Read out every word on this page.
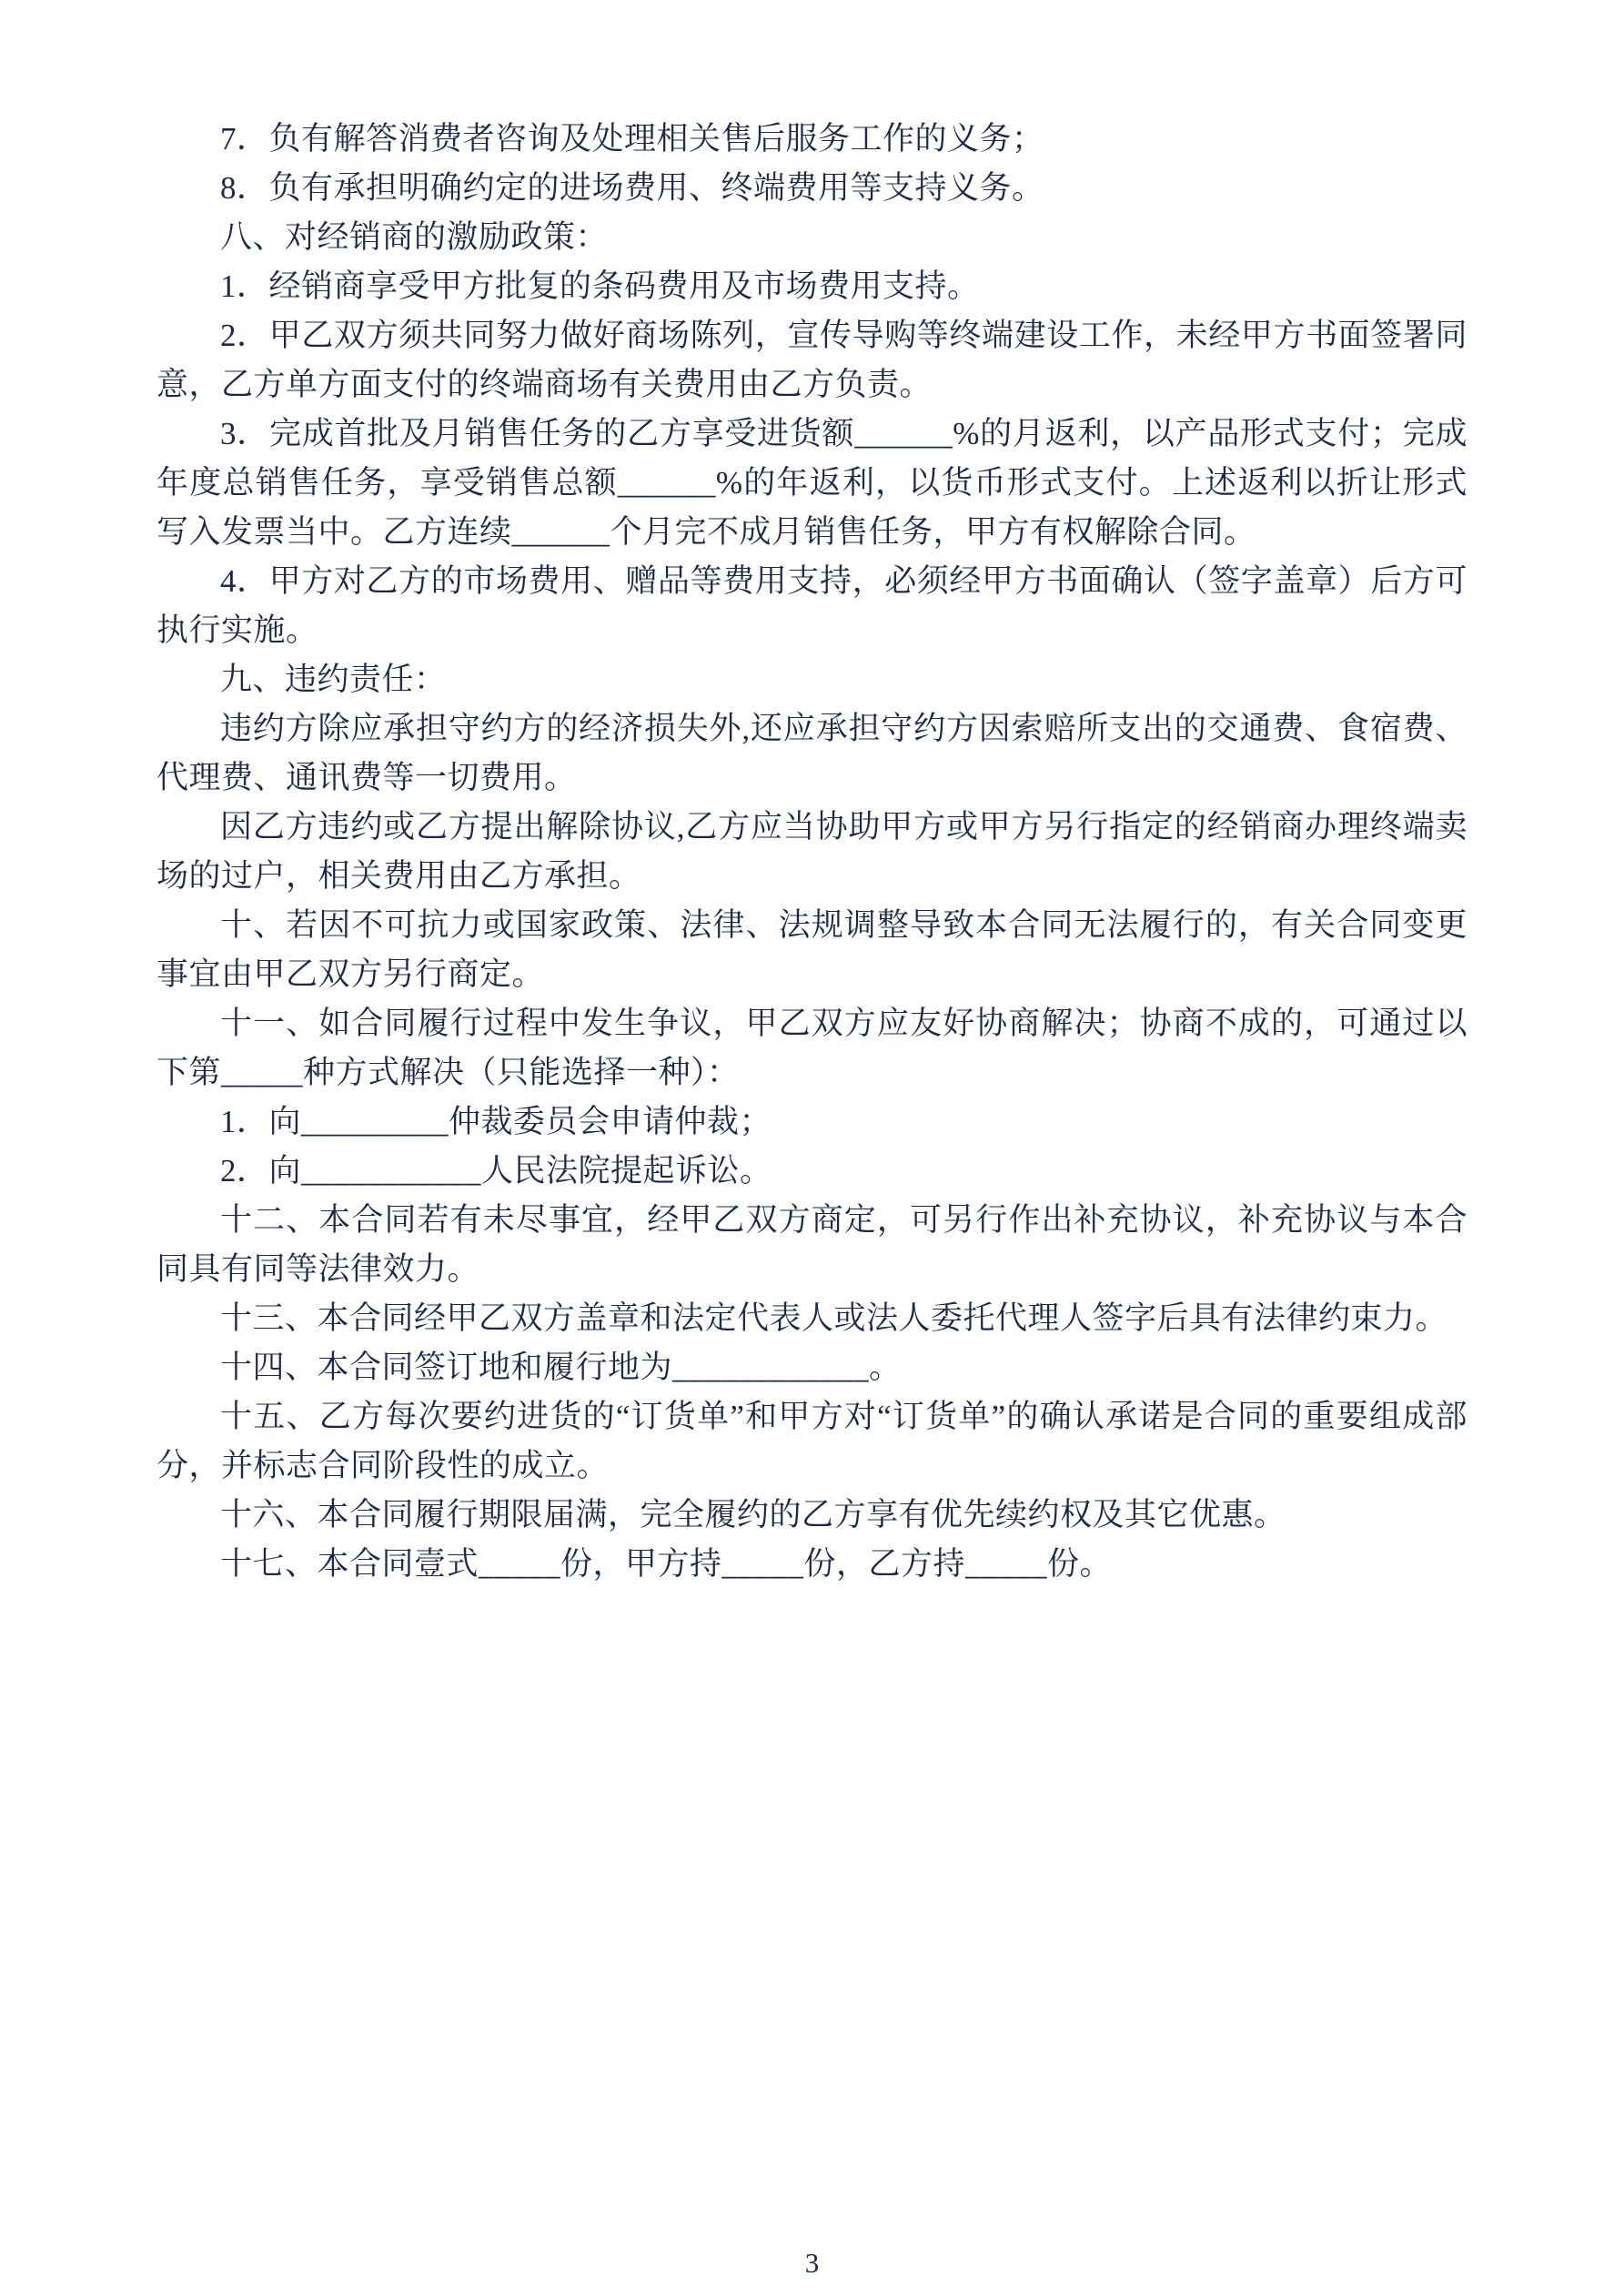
7．负有解答消费者咨询及处理相关售后服务工作的义务；

8．负有承担明确约定的进场费用、终端费用等支持义务。

八、对经销商的激励政策：

1．经销商享受甲方批复的条码费用及市场费用支持。

2．甲乙双方须共同努力做好商场陈列，宣传导购等终端建设工作，未经甲方书面签署同意，乙方单方面支付的终端商场有关费用由乙方负责。

3．完成首批及月销售任务的乙方享受进货额______%的月返利，以产品形式支付；完成年度总销售任务，享受销售总额______%的年返利，以货币形式支付。上述返利以折让形式写入发票当中。乙方连续______个月完不成月销售任务，甲方有权解除合同。

4．甲方对乙方的市场费用、赠品等费用支持，必须经甲方书面确认（签字盖章）后方可执行实施。

九、违约责任：

违约方除应承担守约方的经济损失外,还应承担守约方因索赔所支出的交通费、食宿费、代理费、通讯费等一切费用。

因乙方违约或乙方提出解除协议,乙方应当协助甲方或甲方另行指定的经销商办理终端卖场的过户，相关费用由乙方承担。

十、若因不可抗力或国家政策、法律、法规调整导致本合同无法履行的，有关合同变更事宜由甲乙双方另行商定。

十一、如合同履行过程中发生争议，甲乙双方应友好协商解决；协商不成的，可通过以下第_____种方式解决（只能选择一种）：

1．向_________仲裁委员会申请仲裁；

2．向___________人民法院提起诉讼。

十二、本合同若有未尽事宜，经甲乙双方商定，可另行作出补充协议，补充协议与本合同具有同等法律效力。

十三、本合同经甲乙双方盖章和法定代表人或法人委托代理人签字后具有法律约束力。

十四、本合同签订地和履行地为____________。

十五、乙方每次要约进货的“订货单”和甲方对“订货单”的确认承诺是合同的重要组成部分，并标志合同阶段性的成立。

十六、本合同履行期限届满，完全履约的乙方享有优先续约权及其它优惠。

十七、本合同壹式_____份，甲方持_____份，乙方持_____份。

3
